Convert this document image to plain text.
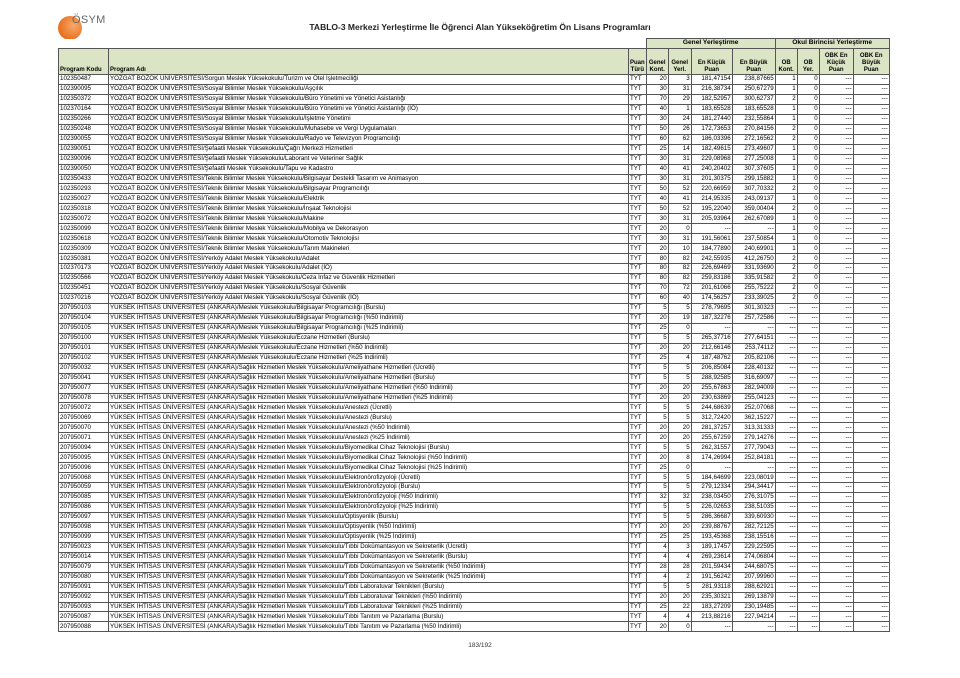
ÖSYM
TABLO-3 Merkezi Yerleştirme İle Öğrenci Alan Yükseköğretim Ön Lisans Programları
			Genel Yerleştirme				Okul Birincisi Yerleştirme			
Program Kodu	Program Adı	Puan Türü	Genel Kont.	Genel Yerl.	En Küçük Puan	En Büyük Puan	OB Kont.	OB Yer.	OBK En Küçük Puan	OBK En Büyük Puan
102350487	YOZGAT BOZOK ÜNİVERSİTESİ/Sorgun Meslek Yüksekokulu/Turizm ve Otel İşletmeciliği	TYT	20	3	181,47154	238,87665	1	0	---	---
102390095	YOZGAT BOZOK ÜNİVERSİTESİ/Sosyal Bilimler Meslek Yüksekokulu/Aşçılık	TYT	30	31	216,38734	250,67279	1	0	---	---
102350372	YOZGAT BOZOK ÜNİVERSİTESİ/Sosyal Bilimler Meslek Yüksekokulu/Büro Yönetimi ve Yönetici Asistanlığı	TYT	70	29	182,52957	300,62737	2	0	---	---
102370164	YOZGAT BOZOK ÜNİVERSİTESİ/Sosyal Bilimler Meslek Yüksekokulu/Büro Yönetimi ve Yönetici Asistanlığı (İÖ)	TYT	40	1	183,65528	183,65528	1	0	---	---
102350266	YOZGAT BOZOK ÜNİVERSİTESİ/Sosyal Bilimler Meslek Yüksekokulu/İşletme Yönetimi	TYT	30	24	181,27440	232,55864	1	0	---	---
102350248	YOZGAT BOZOK ÜNİVERSİTESİ/Sosyal Bilimler Meslek Yüksekokulu/Muhasebe ve Vergi Uygulamaları	TYT	50	26	172,73653	270,84156	2	0	---	---
102390055	YOZGAT BOZOK ÜNİVERSİTESİ/Sosyal Bilimler Meslek Yüksekokulu/Radyo ve Televizyon Programcılığı	TYT	60	62	186,03396	272,16562	2	0	---	---
102390051	YOZGAT BOZOK ÜNİVERSİTESİ/Şefaatli Meslek Yüksekokulu/Çağrı Merkezi Hizmetleri	TYT	25	14	182,49615	273,49607	1	0	---	---
102390096	YOZGAT BOZOK ÜNİVERSİTESİ/Şefaatli Meslek Yüksekokulu/Laborant ve Veteriner Sağlık	TYT	30	31	229,08968	277,25008	1	0	---	---
102390050	YOZGAT BOZOK ÜNİVERSİTESİ/Şefaatli Meslek Yüksekokulu/Tapu ve Kadastro	TYT	40	41	240,20402	307,37605	1	0	---	---
102350433	YOZGAT BOZOK ÜNİVERSİTESİ/Teknik Bilimler Meslek Yüksekokulu/Bilgisayar Destekli Tasarım ve Animasyon	TYT	30	31	201,30375	299,15882	1	0	---	---
102350293	YOZGAT BOZOK ÜNİVERSİTESİ/Teknik Bilimler Meslek Yüksekokulu/Bilgisayar Programcılığı	TYT	50	52	220,66959	307,70332	2	0	---	---
102350027	YOZGAT BOZOK ÜNİVERSİTESİ/Teknik Bilimler Meslek Yüksekokulu/Elektrik	TYT	40	41	214,95335	243,09137	1	0	---	---
102350318	YOZGAT BOZOK ÜNİVERSİTESİ/Teknik Bilimler Meslek Yüksekokulu/İnşaat Teknolojisi	TYT	50	52	195,22040	359,00404	2	0	---	---
102350072	YOZGAT BOZOK ÜNİVERSİTESİ/Teknik Bilimler Meslek Yüksekokulu/Makine	TYT	30	31	205,93964	262,67089	1	0	---	---
102350099	YOZGAT BOZOK ÜNİVERSİTESİ/Teknik Bilimler Meslek Yüksekokulu/Mobilya ve Dekorasyon	TYT	20	0	---	---	1	0	---	---
102350618	YOZGAT BOZOK ÜNİVERSİTESİ/Teknik Bilimler Meslek Yüksekokulu/Otomotiv Teknolojisi	TYT	30	31	191,56061	237,50854	1	0	---	---
102350309	YOZGAT BOZOK ÜNİVERSİTESİ/Teknik Bilimler Meslek Yüksekokulu/Tarım Makineleri	TYT	20	10	184,77890	240,69901	1	0	---	---
102350381	YOZGAT BOZOK ÜNİVERSİTESİ/Yerköy Adalet Meslek Yüksekokulu/Adalet	TYT	80	82	242,55935	412,26750	2	0	---	---
102370173	YOZGAT BOZOK ÜNİVERSİTESİ/Yerköy Adalet Meslek Yüksekokulu/Adalet (İÖ)	TYT	80	82	226,69469	331,93690	2	0	---	---
102350566	YOZGAT BOZOK ÜNİVERSİTESİ/Yerköy Adalet Meslek Yüksekokulu/Ceza İnfaz ve Güvenlik Hizmetleri	TYT	80	82	259,83186	335,91582	2	0	---	---
102350451	YOZGAT BOZOK ÜNİVERSİTESİ/Yerköy Adalet Meslek Yüksekokulu/Sosyal Güvenlik	TYT	70	72	201,61066	255,75222	2	0	---	---
102370216	YOZGAT BOZOK ÜNİVERSİTESİ/Yerköy Adalet Meslek Yüksekokulu/Sosyal Güvenlik (İÖ)	TYT	60	40	174,56257	233,39025	2	0	---	---
207950103	YÜKSEK İHTİSAS ÜNİVERSİTESİ (ANKARA)/Meslek Yüksekokulu/Bilgisayar Programcılığı (Burslu)	TYT	5	5	278,79695	301,30323	---	---	---	---
207950104	YÜKSEK İHTİSAS ÜNİVERSİTESİ (ANKARA)/Meslek Yüksekokulu/Bilgisayar Programcılığı (%50 İndirimli)	TYT	20	19	187,32276	257,72586	---	---	---	---
207950105	YÜKSEK İHTİSAS ÜNİVERSİTESİ (ANKARA)/Meslek Yüksekokulu/Bilgisayar Programcılığı (%25 İndirimli)	TYT	25	0	---	---	---	---	---	---
207950100	YÜKSEK İHTİSAS ÜNİVERSİTESİ (ANKARA)/Meslek Yüksekokulu/Eczane Hizmetleri (Burslu)	TYT	5	5	265,37716	277,64151	---	---	---	---
207950101	YÜKSEK İHTİSAS ÜNİVERSİTESİ (ANKARA)/Meslek Yüksekokulu/Eczane Hizmetleri (%50 İndirimli)	TYT	20	20	212,66146	253,74112	---	---	---	---
207950102	YÜKSEK İHTİSAS ÜNİVERSİTESİ (ANKARA)/Meslek Yüksekokulu/Eczane Hizmetleri (%25 İndirimli)	TYT	25	4	187,48762	205,82106	---	---	---	---
207950032	YÜKSEK İHTİSAS ÜNİVERSİTESİ (ANKARA)/Sağlık Hizmetleri Meslek Yüksekokulu/Ameliyathane Hizmetleri (Ücretli)	TYT	5	5	206,85084	228,40132	---	---	---	---
207950041	YÜKSEK İHTİSAS ÜNİVERSİTESİ (ANKARA)/Sağlık Hizmetleri Meslek Yüksekokulu/Ameliyathane Hizmetleri (Burslu)	TYT	5	5	288,92585	316,69097	---	---	---	---
207950077	YÜKSEK İHTİSAS ÜNİVERSİTESİ (ANKARA)/Sağlık Hizmetleri Meslek Yüksekokulu/Ameliyathane Hizmetleri (%50 İndirimli)	TYT	20	20	255,67863	282,94009	---	---	---	---
207950078	YÜKSEK İHTİSAS ÜNİVERSİTESİ (ANKARA)/Sağlık Hizmetleri Meslek Yüksekokulu/Ameliyathane Hizmetleri (%25 İndirimli)	TYT	20	20	230,63869	255,04123	---	---	---	---
207950072	YÜKSEK İHTİSAS ÜNİVERSİTESİ (ANKARA)/Sağlık Hizmetleri Meslek Yüksekokulu/Anestezi (Ücretli)	TYT	5	5	244,68639	252,07068	---	---	---	---
207950069	YÜKSEK İHTİSAS ÜNİVERSİTESİ (ANKARA)/Sağlık Hizmetleri Meslek Yüksekokulu/Anestezi (Burslu)	TYT	5	5	312,72420	362,15227	---	---	---	---
207950070	YÜKSEK İHTİSAS ÜNİVERSİTESİ (ANKARA)/Sağlık Hizmetleri Meslek Yüksekokulu/Anestezi (%50 İndirimli)	TYT	20	20	281,37257	313,31333	---	---	---	---
207950071	YÜKSEK İHTİSAS ÜNİVERSİTESİ (ANKARA)/Sağlık Hizmetleri Meslek Yüksekokulu/Anestezi (%25 İndirimli)	TYT	20	20	255,67259	279,14276	---	---	---	---
207950094	YÜKSEK İHTİSAS ÜNİVERSİTESİ (ANKARA)/Sağlık Hizmetleri Meslek Yüksekokulu/Biyomedikal Cihaz Teknolojisi (Burslu)	TYT	5	5	262,31557	277,79043	---	---	---	---
207950095	YÜKSEK İHTİSAS ÜNİVERSİTESİ (ANKARA)/Sağlık Hizmetleri Meslek Yüksekokulu/Biyomedikal Cihaz Teknolojisi (%50 İndirimli)	TYT	20	8	174,26994	252,84181	---	---	---	---
207950096	YÜKSEK İHTİSAS ÜNİVERSİTESİ (ANKARA)/Sağlık Hizmetleri Meslek Yüksekokulu/Biyomedikal Cihaz Teknolojisi (%25 İndirimli)	TYT	25	0	---	---	---	---	---	---
207950068	YÜKSEK İHTİSAS ÜNİVERSİTESİ (ANKARA)/Sağlık Hizmetleri Meslek Yüksekokulu/Elektronörofizyoloji (Ücretli)	TYT	5	5	184,64699	223,08019	---	---	---	---
207950059	YÜKSEK İHTİSAS ÜNİVERSİTESİ (ANKARA)/Sağlık Hizmetleri Meslek Yüksekokulu/Elektronörofizyoloji (Burslu)	TYT	5	5	279,12334	294,34417	---	---	---	---
207950085	YÜKSEK İHTİSAS ÜNİVERSİTESİ (ANKARA)/Sağlık Hizmetleri Meslek Yüksekokulu/Elektronörofizyoloji (%50 İndirimli)	TYT	32	32	238,03450	276,31075	---	---	---	---
207950086	YÜKSEK İHTİSAS ÜNİVERSİTESİ (ANKARA)/Sağlık Hizmetleri Meslek Yüksekokulu/Elektronörofizyoloji (%25 İndirimli)	TYT	5	5	226,02653	238,51035	---	---	---	---
207950097	YÜKSEK İHTİSAS ÜNİVERSİTESİ (ANKARA)/Sağlık Hizmetleri Meslek Yüksekokulu/Optisyenlik (Burslu)	TYT	5	5	286,36687	339,60930	---	---	---	---
207950098	YÜKSEK İHTİSAS ÜNİVERSİTESİ (ANKARA)/Sağlık Hizmetleri Meslek Yüksekokulu/Optisyenlik (%50 İndirimli)	TYT	20	20	239,88767	282,72125	---	---	---	---
207950099	YÜKSEK İHTİSAS ÜNİVERSİTESİ (ANKARA)/Sağlık Hizmetleri Meslek Yüksekokulu/Optisyenlik (%25 İndirimli)	TYT	25	25	193,45368	238,15516	---	---	---	---
207950023	YÜKSEK İHTİSAS ÜNİVERSİTESİ (ANKARA)/Sağlık Hizmetleri Meslek Yüksekokulu/Tıbbi Dokümantasyon ve Sekreterlik (Ücretli)	TYT	4	3	189,17457	229,22595	---	---	---	---
207950014	YÜKSEK İHTİSAS ÜNİVERSİTESİ (ANKARA)/Sağlık Hizmetleri Meslek Yüksekokulu/Tıbbi Dokümantasyon ve Sekreterlik (Burslu)	TYT	4	4	269,23614	274,06804	---	---	---	---
207950079	YÜKSEK İHTİSAS ÜNİVERSİTESİ (ANKARA)/Sağlık Hizmetleri Meslek Yüksekokulu/Tıbbi Dokümantasyon ve Sekreterlik (%50 İndirimli)	TYT	28	28	201,59434	244,68075	---	---	---	---
207950080	YÜKSEK İHTİSAS ÜNİVERSİTESİ (ANKARA)/Sağlık Hizmetleri Meslek Yüksekokulu/Tıbbi Dokümantasyon ve Sekreterlik (%25 İndirimli)	TYT	4	2	191,56242	207,99960	---	---	---	---
207950091	YÜKSEK İHTİSAS ÜNİVERSİTESİ (ANKARA)/Sağlık Hizmetleri Meslek Yüksekokulu/Tıbbi Laboratuvar Teknikleri (Burslu)	TYT	5	5	281,93118	288,62921	---	---	---	---
207950092	YÜKSEK İHTİSAS ÜNİVERSİTESİ (ANKARA)/Sağlık Hizmetleri Meslek Yüksekokulu/Tıbbi Laboratuvar Teknikleri (%50 İndirimli)	TYT	20	20	235,30321	269,13879	---	---	---	---
207950093	YÜKSEK İHTİSAS ÜNİVERSİTESİ (ANKARA)/Sağlık Hizmetleri Meslek Yüksekokulu/Tıbbi Laboratuvar Teknikleri (%25 İndirimli)	TYT	25	22	183,27209	230,19485	---	---	---	---
207950087	YÜKSEK İHTİSAS ÜNİVERSİTESİ (ANKARA)/Sağlık Hizmetleri Meslek Yüksekokulu/Tıbbi Tanıtım ve Pazarlama (Burslu)	TYT	4	4	213,88216	227,94214	---	---	---	---
207950088	YÜKSEK İHTİSAS ÜNİVERSİTESİ (ANKARA)/Sağlık Hizmetleri Meslek Yüksekokulu/Tıbbi Tanıtım ve Pazarlama (%50 İndirimli)	TYT	20	0	---	---	---	---	---	---
183/192
